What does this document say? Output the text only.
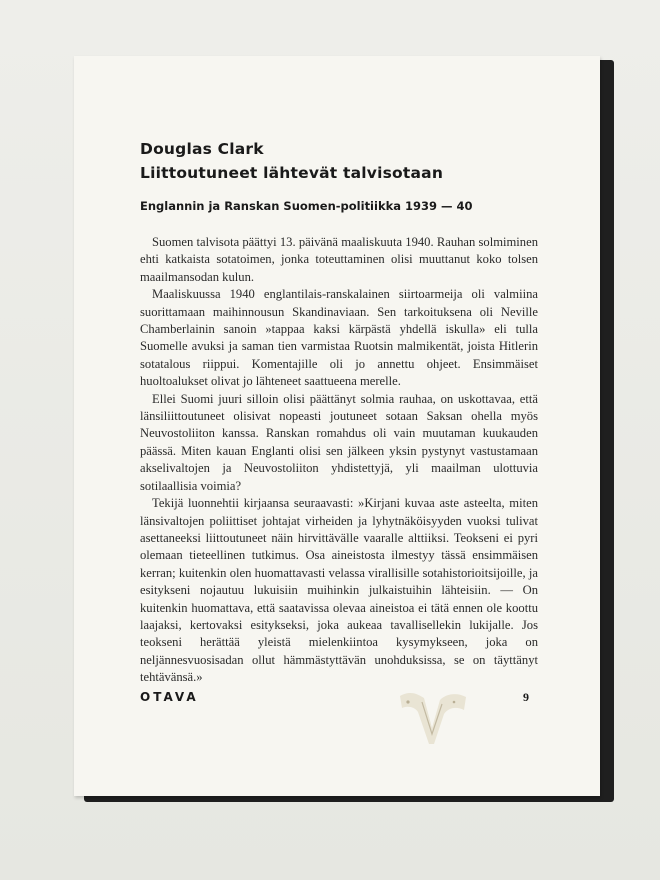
Douglas Clark
Liittoutuneet lähtevät talvisotaan
Englannin ja Ranskan Suomen-politiikka 1939 — 40

Suomen talvisota päättyi 13. päivänä maaliskuuta 1940. Rauhan solmiminen ehti katkaista sotatoimen, jonka toteuttaminen olisi muuttanut koko tolsen maailmansodan kulun.

Maaliskuussa 1940 englantilais-ranskalainen siirtoarmeija oli valmiina suorittamaan maihinnousun Skandinaviaan. Sen tarkoituksena oli Neville Chamberlainin sanoin »tappaa kaksi kärpästä yhdellä iskulla» eli tulla Suomelle avuksi ja saman tien varmistaa Ruotsin malmikentät, joista Hitlerin sotatalous riippui. Komentajille oli jo annettu ohjeet. Ensimmäiset huoltoalukset olivat jo lähteneet saattueena merelle.

Ellei Suomi juuri silloin olisi päättänyt solmia rauhaa, on uskottavaa, että länsiliittoutuneet olisivat nopeasti joutuneet sotaan Saksan ohella myös Neuvostoliiton kanssa. Ranskan romahdus oli vain muutaman kuukauden päässä. Miten kauan Englanti olisi sen jälkeen yksin pystynyt vastustamaan akselivaltojen ja Neuvostoliiton yhdistettyjä, yli maailman ulottuvia sotilaallisia voimia?

Tekijä luonnehtii kirjaansa seuraavasti: »Kirjani kuvaa aste asteelta, miten länsivaltojen poliittiset johtajat virheiden ja lyhytnäköisyyden vuoksi tulivat asettaneeksi liittoutuneet näin hirvittävälle vaaralle alttiiksi. Teokseni ei pyri olemaan tieteellinen tutkimus. Osa aineistosta ilmestyy tässä ensimmäisen kerran; kuitenkin olen huomattavasti velassa virallisille sotahistorioitsijoille, ja esitykseni nojautuu lukuisiin muihinkin julkaistuihin lähteisiin. — On kuitenkin huomattava, että saatavissa olevaa aineistoa ei tätä ennen ole koottu laajaksi, kertovaksi esitykseksi, joka aukeaa tavallisellekin lukijalle. Jos teokseni herättää yleistä mielenkiintoa kysymykseen, joka on neljännesvuosisadan ollut hämmästyttävän unohduksissa, se on täyttänyt tehtävänsä.»

OTAVA	9
